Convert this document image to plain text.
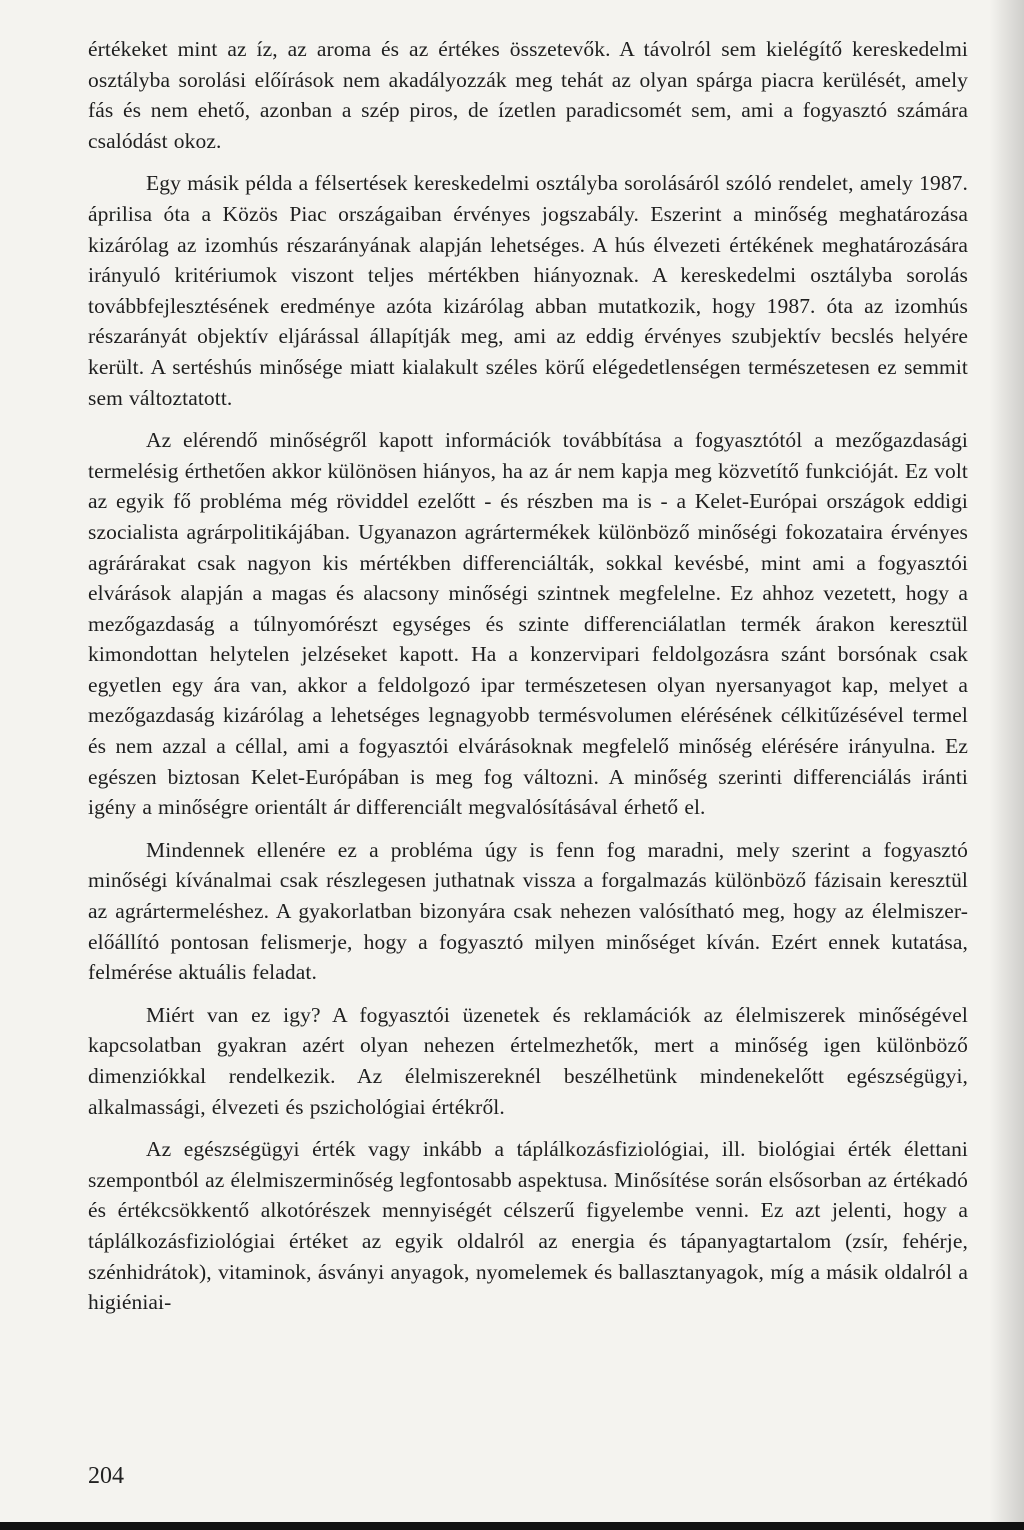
értékeket mint az íz, az aroma és az értékes összetevők. A távolról sem kielégítő kereskedelmi osztályba sorolási előírások nem akadályozzák meg tehát az olyan spárga piacra kerülését, amely fás és nem ehető, azonban a szép piros, de ízetlen paradicsomét sem, ami a fogyasztó számára csalódást okoz.

Egy másik példa a félsertések kereskedelmi osztályba sorolásáról szóló rendelet, amely 1987. áprilisa óta a Közös Piac országaiban érvényes jogszabály. Eszerint a minőség meghatározása kizárólag az izomhús részarányának alapján lehetséges. A hús élvezeti értékének meghatározására irányuló kritériumok viszont teljes mértékben hiányoznak. A kereskedelmi osztályba sorolás továbbfejlesztésének eredménye azóta kizárólag abban mutatkozik, hogy 1987. óta az izomhús részarányát objektív eljárással állapítják meg, ami az eddig érvényes szubjektív becslés helyére került. A sertéshús minősége miatt kialakult széles körű elégedetlenségen természetesen ez semmit sem változtatott.

Az elérendő minőségről kapott információk továbbítása a fogyasztótól a mezőgazdasági termelésig érthetően akkor különösen hiányos, ha az ár nem kapja meg közvetítő funkcióját. Ez volt az egyik fő probléma még röviddel ezelőtt - és részben ma is - a Kelet-Európai országok eddigi szocialista agrárpolitikájában. Ugyanazon agrártermékek különböző minőségi fokozataira érvényes agrárárakat csak nagyon kis mértékben differenciálták, sokkal kevésbé, mint ami a fogyasztói elvárások alapján a magas és alacsony minőségi szintnek megfelelne. Ez ahhoz vezetett, hogy a mezőgazdaság a túlnyomórészt egységes és szinte differenciálatlan termék árakon keresztül kimondottan helytelen jelzéseket kapott. Ha a konzervipari feldolgozásra szánt borsónak csak egyetlen egy ára van, akkor a feldolgozó ipar természetesen olyan nyersanyagot kap, melyet a mezőgazdaság kizárólag a lehetséges legnagyobb termésvolumen elérésének célkitűzésével termel és nem azzal a céllal, ami a fogyasztói elvárásoknak megfelelő minőség elérésére irányulna. Ez egészen biztosan Kelet-Európában is meg fog változni. A minőség szerinti differenciálás iránti igény a minőségre orientált ár differenciált megvalósításával érhető el.

Mindennek ellenére ez a probléma úgy is fenn fog maradni, mely szerint a fogyasztó minőségi kívánalmai csak részlegesen juthatnak vissza a forgalmazás különböző fázisain keresztül az agrártermeléshez. A gyakorlatban bizonyára csak nehezen valósítható meg, hogy az élelmiszer-előállító pontosan felismerje, hogy a fogyasztó milyen minőséget kíván. Ezért ennek kutatása, felmérése aktuális feladat.

Miért van ez igy? A fogyasztói üzenetek és reklamációk az élelmiszerek minőségével kapcsolatban gyakran azért olyan nehezen értelmezhetők, mert a minőség igen különböző dimenziókkal rendelkezik. Az élelmiszereknél beszélhetünk mindenekelőtt egészségügyi, alkalmassági, élvezeti és pszichológiai értékről.

Az egészségügyi érték vagy inkább a táplálkozásfiziológiai, ill. biológiai érték élettani szempontból az élelmiszerminőség legfontosabb aspektusa. Minősítése során elsősorban az értékadó és értékcsökkentő alkotórészek mennyiségét célszerű figyelembe venni. Ez azt jelenti, hogy a táplálkozásfiziológiai értéket az egyik oldalról az energia és tápanyagtartalom (zsír, fehérje, szénhidrátok), vitaminok, ásványi anyagok, nyomelemek és ballasztanyagok, míg a másik oldalról a higiéniai-

204
